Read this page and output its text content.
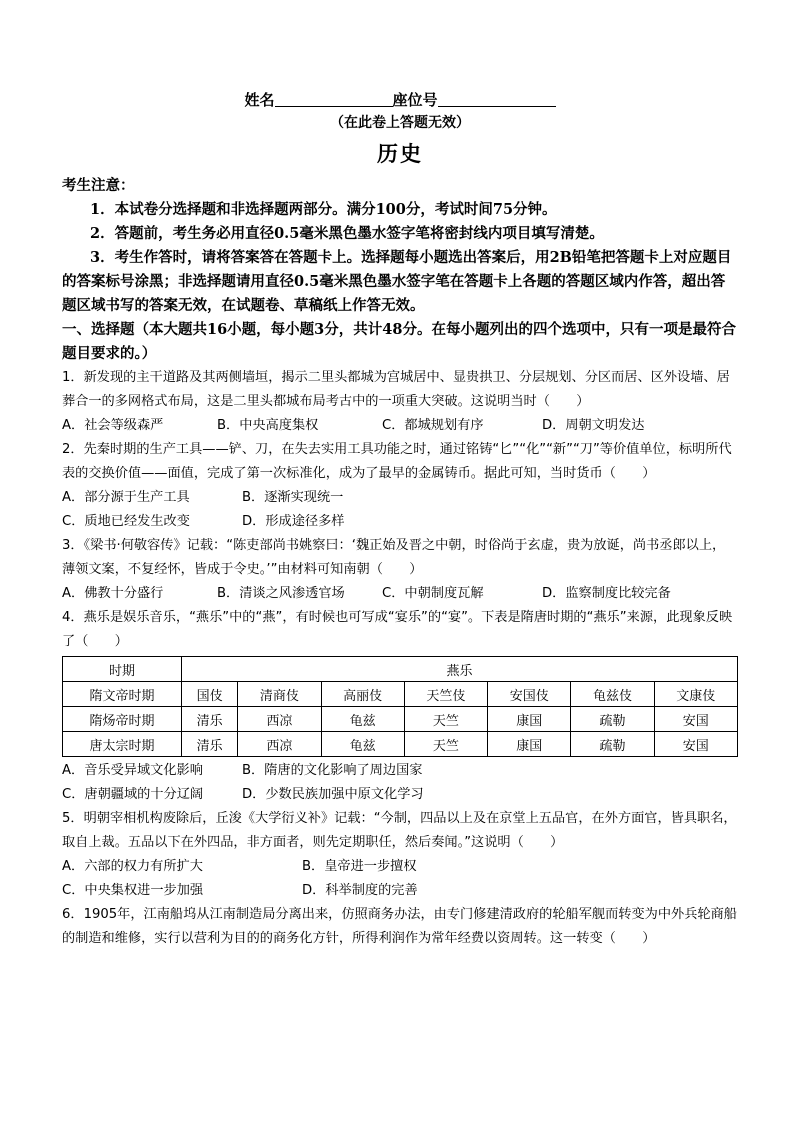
姓名	座位号
（在此卷上答题无效）
历史

考生注意：

1．本试卷分选择题和非选择题两部分。满分100分，考试时间75分钟。

2．答题前，考生务必用直径0.5毫米黑色墨水签字笔将密封线内项目填写清楚。

3．考生作答时，请将答案答在答题卡上。选择题每小题选出答案后，用2B铅笔把答题卡上对应题目的答案标号涂黑；非选择题请用直径0.5毫米黑色墨水签字笔在答题卡上各题的答题区域内作答，超出答题区域书写的答案无效，在试题卷、草稿纸上作答无效。

一、选择题（本大题共16小题，每小题3分，共计48分。在每小题列出的四个选项中，只有一项是最符合题目要求的。）

1．新发现的主干道路及其两侧墙垣，揭示二里头都城为宫城居中、显贵拱卫、分层规划、分区而居、区外设墙、居葬合一的多网格式布局，这是二里头都城布局考古中的一项重大突破。这说明当时（　　）

A．社会等级森严	B．中央高度集权	C．都城规划有序	D．周朝文明发达

2．先秦时期的生产工具——铲、刀，在失去实用工具功能之时，通过铭铸“匕”“化”“新”“刀”等价值单位，标明所代表的交换价值——面值，完成了第一次标准化，成为了最早的金属铸币。据此可知，当时货币（　　）

A．部分源于生产工具	B．逐渐实现统一
C．质地已经发生改变	D．形成途径多样

3．《梁书·何敬容传》记载：“陈吏部尚书姚察曰：‘魏正始及晋之中朝，时俗尚于玄虚，贵为放诞，尚书丞郎以上，薄领文案，不复经怀，皆成于令史。’”由材料可知南朝（　　）

A．佛教十分盛行	B．清谈之风渗透官场	C．中朝制度瓦解	D．监察制度比较完备

4．燕乐是娱乐音乐，“燕乐”中的“燕”，有时候也可写成“宴乐”的“宴”。下表是隋唐时期的“燕乐”来源，此现象反映了（　　）

时期	燕乐						
隋文帝时期	国伎	清商伎	高丽伎	天竺伎	安国伎	龟兹伎	文康伎
隋炀帝时期	清乐	西凉	龟兹	天竺	康国	疏勒	安国
唐太宗时期	清乐	西凉	龟兹	天竺	康国	疏勒	安国
A．音乐受异域文化影响	B．隋唐的文化影响了周边国家
C．唐朝疆域的十分辽阔	D．少数民族加强中原文化学习

5．明朝宰相机构废除后，丘浚《大学衍义补》记载：“今制，四品以上及在京堂上五品官，在外方面官，皆具职名，取自上裁。五品以下在外四品，非方面者，则先定期职任，然后奏闻。”这说明（　　）

A．六部的权力有所扩大	B．皇帝进一步擅权
C．中央集权进一步加强	D．科举制度的完善

6．1905年，江南船坞从江南制造局分离出来，仿照商务办法，由专门修建清政府的轮船军舰而转变为中外兵轮商船的制造和维修，实行以营利为目的的商务化方针，所得利润作为常年经费以资周转。这一转变（　　）
